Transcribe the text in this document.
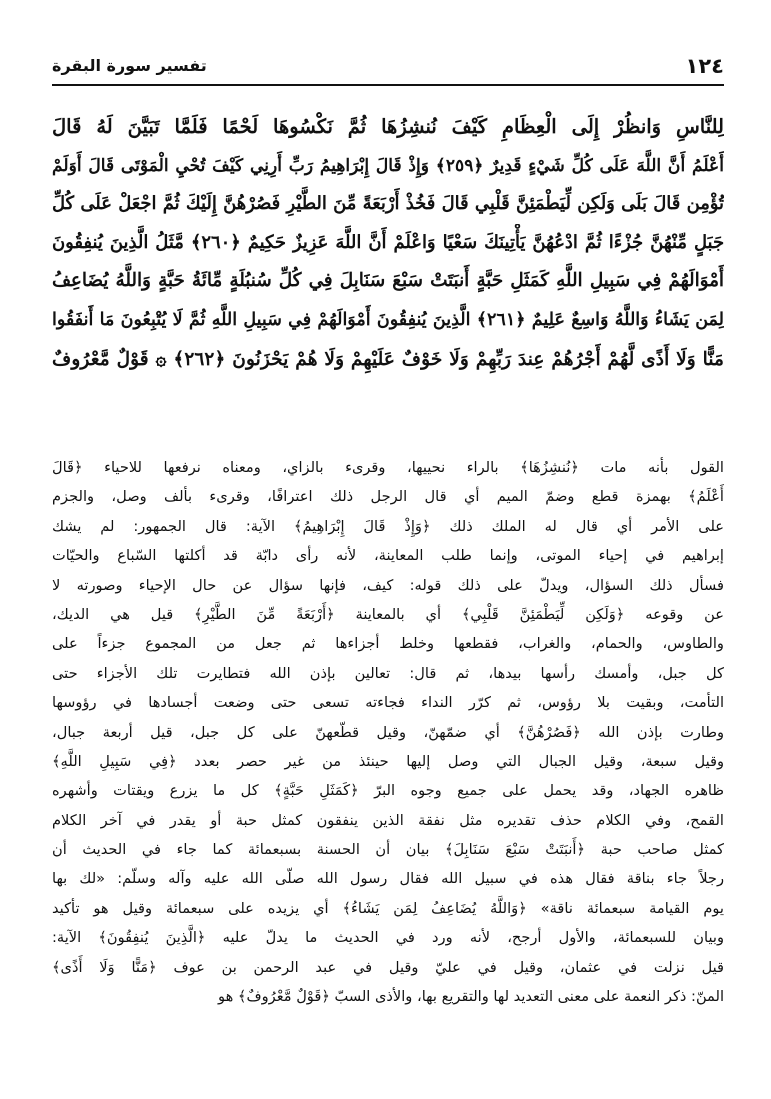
١٢٤
تفسير سورة البقرة
لِلنَّاسِ وَانظُرْ إِلَى الْعِظَامِ كَيْفَ نُنشِزُهَا ثُمَّ نَكْسُوهَا لَحْمًا فَلَمَّا تَبَيَّنَ لَهُ قَالَ
أَعْلَمُ أَنَّ اللَّهَ عَلَى كُلِّ شَيْءٍ قَدِيرٌ ﴿٢٥٩﴾ وَإِذْ قَالَ إِبْرَاهِيمُ رَبِّ أَرِنِي كَيْفَ تُحْيِ الْمَوْتَى قَالَ أَوَلَمْ
تُؤْمِن قَالَ بَلَى وَلَكِن لِّيَطْمَئِنَّ قَلْبِي قَالَ فَخُذْ أَرْبَعَةً مِّنَ الطَّيْرِ فَصُرْهُنَّ إِلَيْكَ ثُمَّ اجْعَلْ عَلَى كُلِّ
جَبَلٍ مِّنْهُنَّ جُزْءًا ثُمَّ ادْعُهُنَّ يَأْتِينَكَ سَعْيًا وَاعْلَمْ أَنَّ اللَّهَ عَزِيزٌ حَكِيمٌ ﴿٢٦٠﴾ مَّثَلُ الَّذِينَ يُنفِقُونَ
أَمْوَالَهُمْ فِي سَبِيلِ اللَّهِ كَمَثَلِ حَبَّةٍ أَنبَتَتْ سَبْعَ سَنَابِلَ فِي كُلِّ سُنبُلَةٍ مِّائَةُ حَبَّةٍ وَاللَّهُ يُضَاعِفُ
لِمَن يَشَاءُ وَاللَّهُ وَاسِعٌ عَلِيمٌ ﴿٢٦١﴾ الَّذِينَ يُنفِقُونَ أَمْوَالَهُمْ فِي سَبِيلِ اللَّهِ ثُمَّ لَا يُتْبِعُونَ مَا أَنفَقُوا
مَنًّا وَلَا أَذًى لَّهُمْ أَجْرُهُمْ عِندَ رَبِّهِمْ وَلَا خَوْفٌ عَلَيْهِمْ وَلَا هُمْ يَحْزَنُونَ ﴿٢٦٢﴾ ۞ قَوْلٌ مَّعْرُوفٌ
القول بأنه مات ﴿نُنشِزُهَا﴾ بالراء نحييها، وقرىء بالزاي، ومعناه نرفعها للاحياء ﴿قَالَ
أَعْلَمُ﴾ بهمزة قطع وضمّ الميم أي قال الرجل ذلك اعترافًا، وقرىء بألف وصل، والجزم
على الأمر أي قال له الملك ذلك ﴿وَإِذْ قَالَ إِبْرَاهِيمُ﴾ الآية: قال الجمهور: لم يشك
إبراهيم في إحياء الموتى، وإنما طلب المعاينة، لأنه رأى دابّة قد أكلتها السّباع والحيّات
فسأل ذلك السؤال، ويدلّ على ذلك قوله: كيف، فإنها سؤال عن حال الإحياء وصورته لا
عن وقوعه ﴿وَلَكِن لِّيَطْمَئِنَّ قَلْبِي﴾ أي بالمعاينة ﴿أَرْبَعَةً مِّنَ الطَّيْرِ﴾ قيل هي الديك،
والطاوس، والحمام، والغراب، فقطعها وخلط أجزاءها ثم جعل من المجموع جزءاً على
كل جبل، وأمسك رأسها بيدها، ثم قال: تعالين بإذن الله فتطايرت تلك الأجزاء حتى
التأمت، وبقيت بلا رؤوس، ثم كرّر النداء فجاءته تسعى حتى وضعت أجسادها في رؤوسها
وطارت بإذن الله ﴿فَصُرْهُنَّ﴾ أي ضمّهنّ، وقيل قطّعهنّ على كل جبل، قيل أربعة جبال،
وقيل سبعة، وقيل الجبال التي وصل إليها حينئذ من غير حصر بعدد ﴿فِي سَبِيلِ اللَّهِ﴾
ظاهره الجهاد، وقد يحمل على جميع وجوه البرّ ﴿كَمَثَلِ حَبَّةٍ﴾ كل ما يزرع ويقتات وأشهره
القمح، وفي الكلام حذف تقديره مثل نفقة الذين ينفقون كمثل حبة أو يقدر في آخر الكلام
كمثل صاحب حبة ﴿أَنبَتَتْ سَبْعَ سَنَابِلَ﴾ بيان أن الحسنة بسبعمائة كما جاء في الحديث أن
رجلاً جاء بناقة فقال هذه في سبيل الله فقال رسول الله صلّى الله عليه وآله وسلّم: «لك بها
يوم القيامة سبعمائة ناقة» ﴿وَاللَّهُ يُضَاعِفُ لِمَن يَشَاءُ﴾ أي يزيده على سبعمائة وقيل هو تأكيد
وبيان للسبعمائة، والأول أرجح، لأنه ورد في الحديث ما يدلّ عليه ﴿الَّذِينَ يُنفِقُونَ﴾ الآية:
قيل نزلت في عثمان، وقيل في عليّ وقيل في عبد الرحمن بن عوف ﴿مَنًّا وَلَا أَذًى﴾
المنّ: ذكر النعمة على معنى التعديد لها والتقريع بها، والأذى السبّ ﴿قَوْلٌ مَّعْرُوفٌ﴾ هو
